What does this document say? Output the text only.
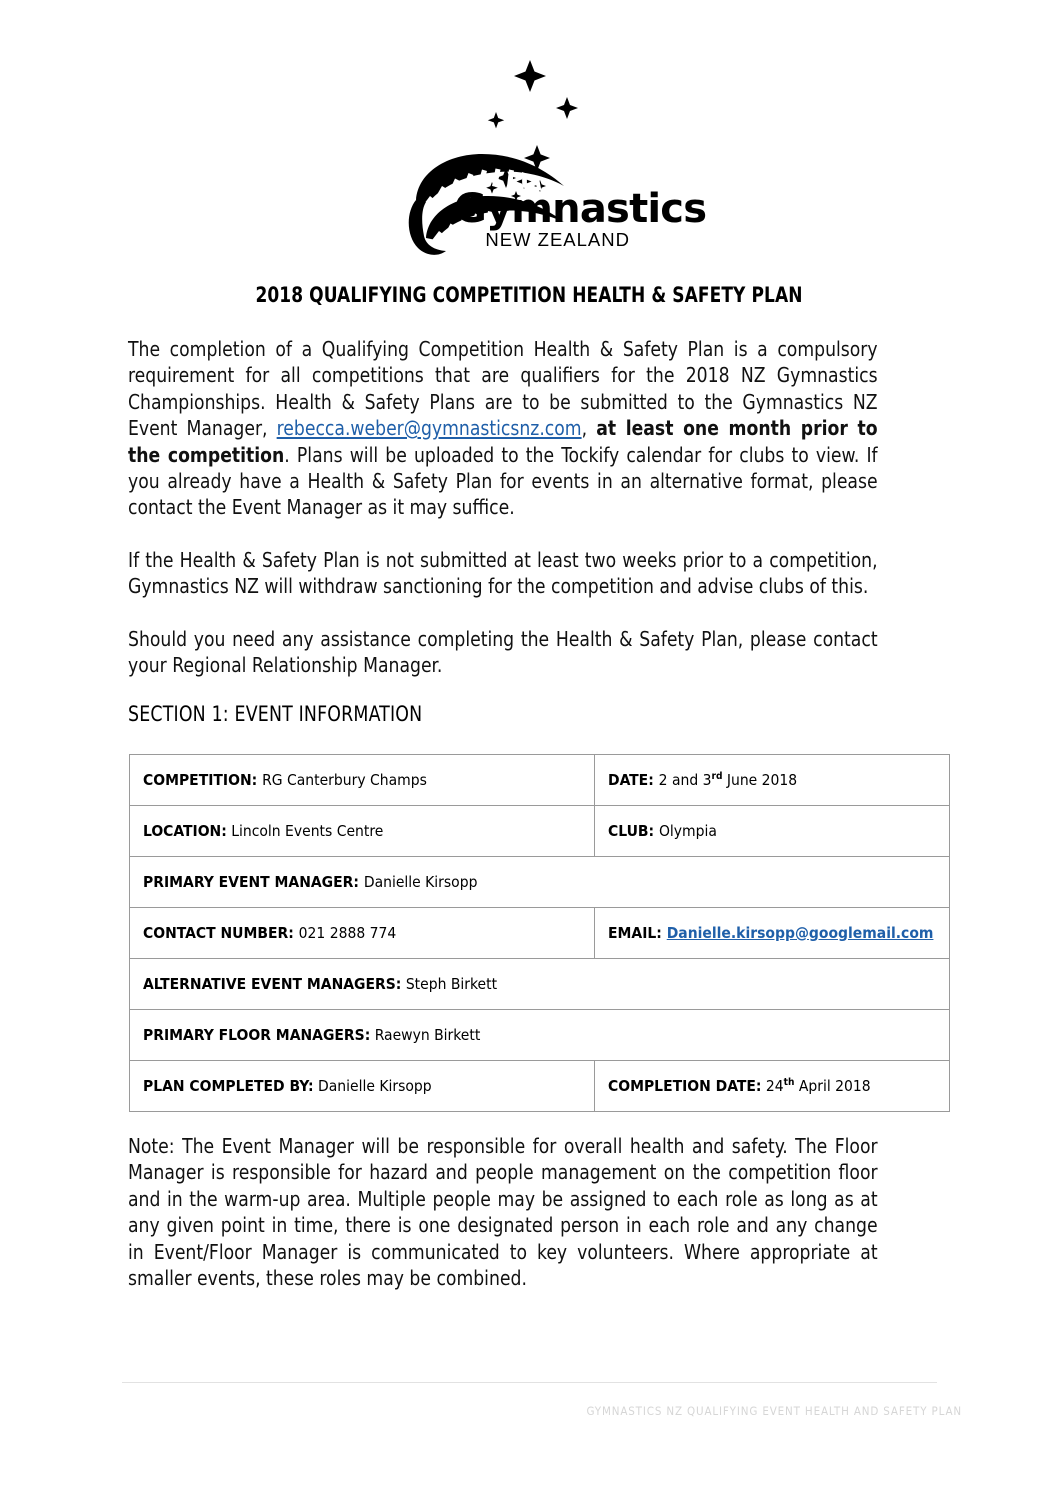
Gymnastics
NEW ZEALAND
2018 QUALIFYING COMPETITION HEALTH & SAFETY PLAN

The completion of a Qualifying Competition Health & Safety Plan is a compulsory requirement for all competitions that are qualifiers for the 2018 NZ Gymnastics Championships. Health & Safety Plans are to be submitted to the Gymnastics NZ Event Manager, rebecca.weber@gymnasticsnz.com, at least one month prior to the competition. Plans will be uploaded to the Tockify calendar for clubs to view. If you already have a Health & Safety Plan for events in an alternative format, please contact the Event Manager as it may suffice.

If the Health & Safety Plan is not submitted at least two weeks prior to a competition, Gymnastics NZ will withdraw sanctioning for the competition and advise clubs of this.

Should you need any assistance completing the Health & Safety Plan, please contact your Regional Relationship Manager.

SECTION 1: EVENT INFORMATION
COMPETITION: RG Canterbury Champs	DATE: 2 and 3rd June 2018
LOCATION: Lincoln Events Centre	CLUB: Olympia
PRIMARY EVENT MANAGER: Danielle Kirsopp	
CONTACT NUMBER: 021 2888 774	EMAIL: Danielle.kirsopp@googlemail.com
ALTERNATIVE EVENT MANAGERS: Steph Birkett	
PRIMARY FLOOR MANAGERS: Raewyn Birkett	
PLAN COMPLETED BY: Danielle Kirsopp	COMPLETION DATE: 24th April 2018

Note: The Event Manager will be responsible for overall health and safety. The Floor Manager is responsible for hazard and people management on the competition floor and in the warm-up area. Multiple people may be assigned to each role as long as at any given point in time, there is one designated person in each role and any change in Event/Floor Manager is communicated to key volunteers. Where appropriate at smaller events, these roles may be combined.

GYMNASTICS NZ QUALIFYING EVENT HEALTH AND SAFETY PLAN
